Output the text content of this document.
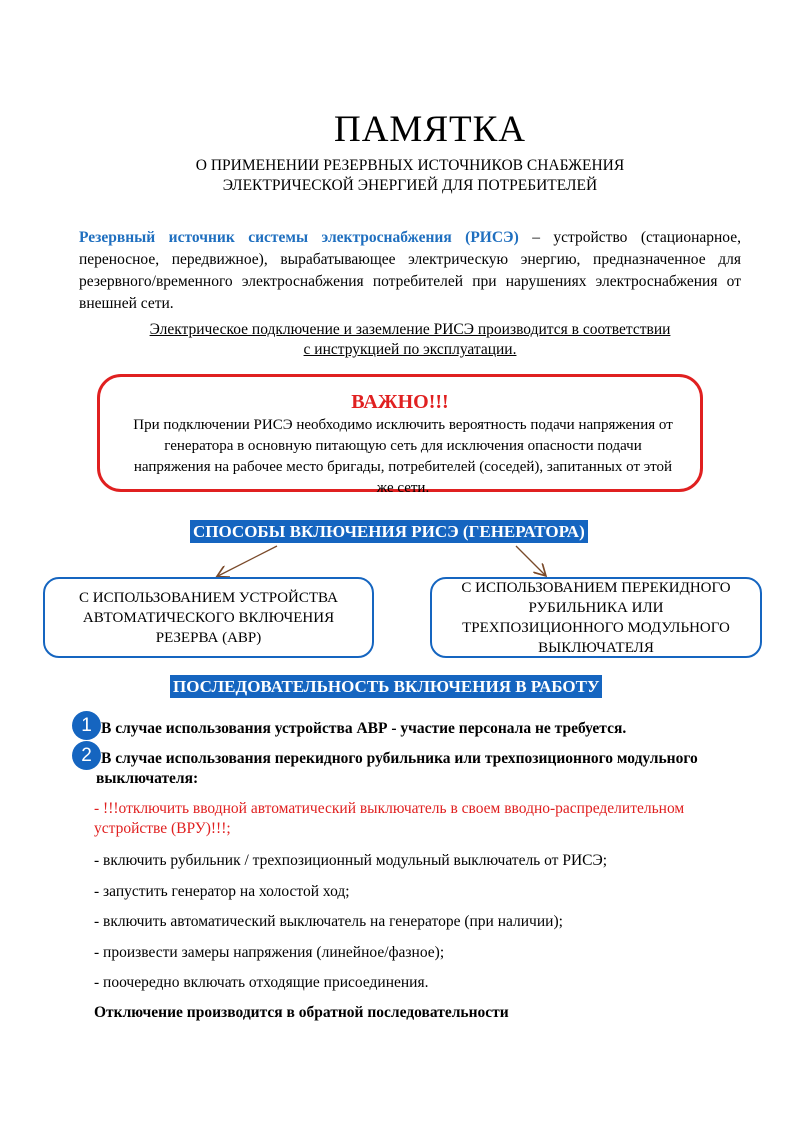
ПАМЯТКА
О ПРИМЕНЕНИИ РЕЗЕРВНЫХ ИСТОЧНИКОВ СНАБЖЕНИЯ
ЭЛЕКТРИЧЕСКОЙ ЭНЕРГИЕЙ ДЛЯ ПОТРЕБИТЕЛЕЙ
Резервный источник системы электроснабжения (РИСЭ) – устройство (стационарное, переносное, передвижное), вырабатывающее электрическую энергию, предназначенное для резервного/временного электроснабжения потребителей при нарушениях электроснабжения от внешней сети.
Электрическое подключение и заземление РИСЭ производится в соответствии
с инструкцией по эксплуатации.
ВАЖНО!!!
При подключении РИСЭ необходимо исключить вероятность подачи напряжения от генератора в основную питающую сеть для исключения опасности подачи напряжения на рабочее место бригады, потребителей (соседей), запитанных от этой же сети.
СПОСОБЫ ВКЛЮЧЕНИЯ РИСЭ (ГЕНЕРАТОРА)
С ИСПОЛЬЗОВАНИЕМ УСТРОЙСТВА АВТОМАТИЧЕСКОГО ВКЛЮЧЕНИЯ РЕЗЕРВА (АВР)
С ИСПОЛЬЗОВАНИЕМ ПЕРЕКИДНОГО РУБИЛЬНИКА ИЛИ ТРЕХПОЗИЦИОННОГО МОДУЛЬНОГО ВЫКЛЮЧАТЕЛЯ
ПОСЛЕДОВАТЕЛЬНОСТЬ ВКЛЮЧЕНИЯ В РАБОТУ
1 В случае использования устройства АВР - участие персонала не требуется.
2 В случае использования перекидного рубильника или трехпозиционного модульного
выключателя:
- !!!отключить вводной автоматический выключатель в своем вводно-распределительном устройстве (ВРУ)!!!;
- включить рубильник / трехпозиционный модульный выключатель от РИСЭ;
- запустить генератор на холостой ход;
- включить автоматический выключатель на генераторе (при наличии);
- произвести замеры напряжения (линейное/фазное);
- поочередно включать отходящие присоединения.
Отключение производится в обратной последовательности
